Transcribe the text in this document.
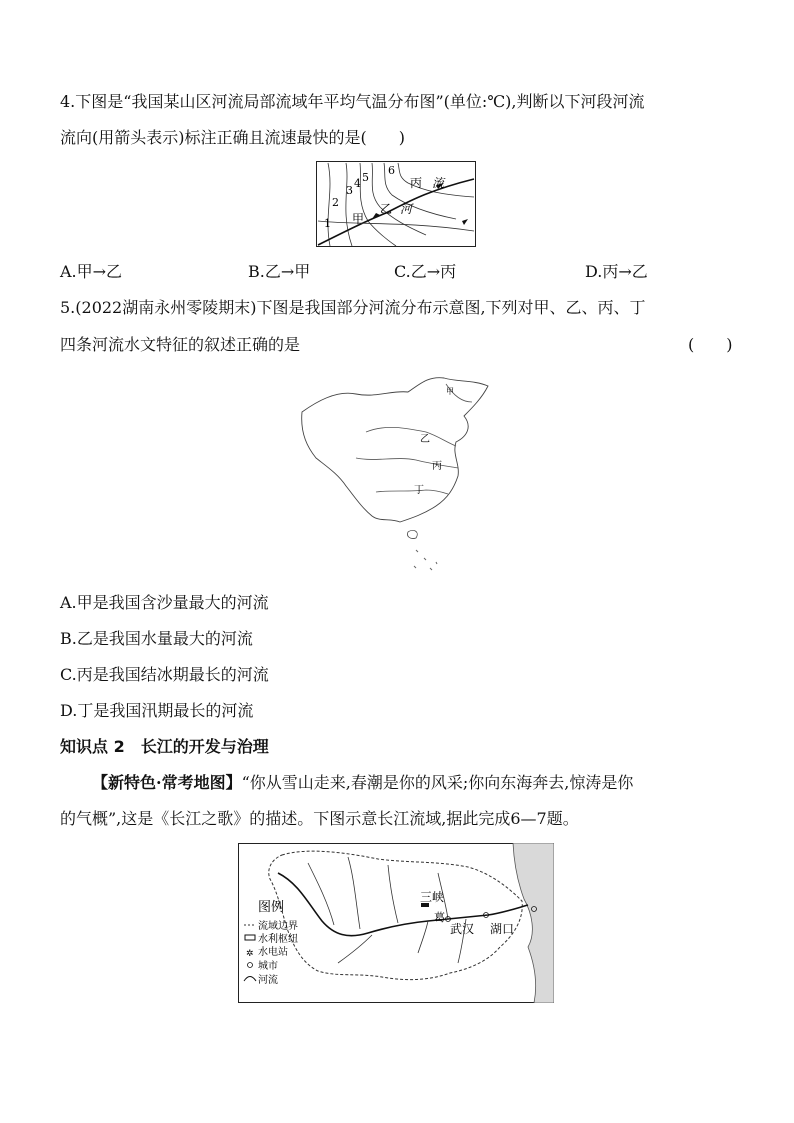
4.下图是“我国某山区河流局部流域年平均气温分布图”(单位:℃),判断以下河段河流
流向(用箭头表示)标注正确且流速最快的是(　　)
1
2
3
4 5
6
甲
乙
丙 流
河
A.甲→乙	B.乙→甲	C.乙→丙	D.丙→乙
5.(2022湖南永州零陵期末)下图是我国部分河流分布示意图,下列对甲、乙、丙、丁
四条河流水文特征的叙述正确的是	(　　)
甲
乙
丙
丁
A.甲是我国含沙量最大的河流
B.乙是我国水量最大的河流
C.丙是我国结冰期最长的河流
D.丁是我国汛期最长的河流
知识点 2　长江的开发与治理
【新特色·常考地图】“你从雪山走来,春潮是你的风采;你向东海奔去,惊涛是你
的气概”,这是《长江之歌》的描述。下图示意长江流域,据此完成6—7题。
三峡
葛
武汉 湖口
图例
流域边界
水利枢纽
✲ 水电站
城市
河流
